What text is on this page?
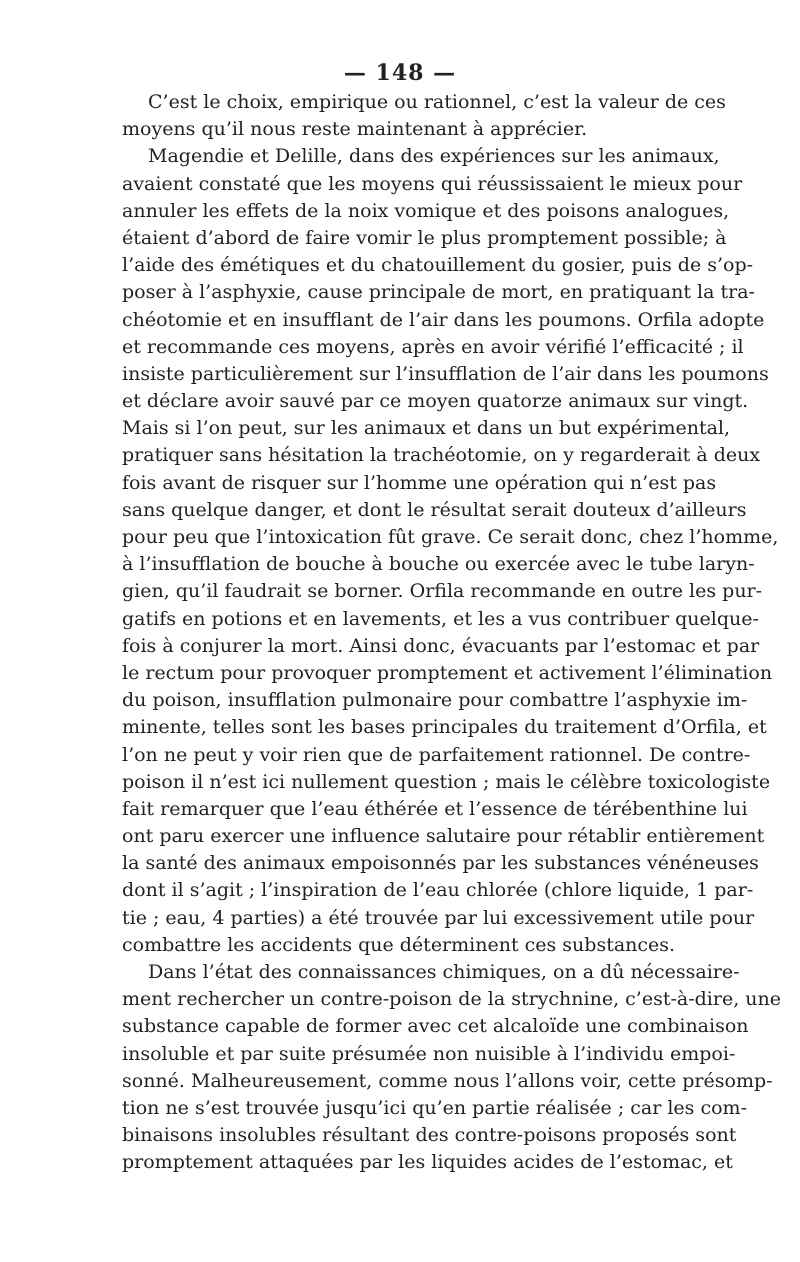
— 148 —
C’est le choix, empirique ou rationnel, c’est la valeur de ces
moyens qu’il nous reste maintenant à apprécier.
Magendie et Delille, dans des expériences sur les animaux,
avaient constaté que les moyens qui réussissaient le mieux pour
annuler les effets de la noix vomique et des poisons analogues,
étaient d’abord de faire vomir le plus promptement possible; à
l’aide des émétiques et du chatouillement du gosier, puis de s’op-
poser à l’asphyxie, cause principale de mort, en pratiquant la tra-
chéotomie et en insufflant de l’air dans les poumons. Orfila adopte
et recommande ces moyens, après en avoir vérifié l’efficacité ; il
insiste particulièrement sur l’insufflation de l’air dans les poumons
et déclare avoir sauvé par ce moyen quatorze animaux sur vingt.
Mais si l’on peut, sur les animaux et dans un but expérimental,
pratiquer sans hésitation la trachéotomie, on y regarderait à deux
fois avant de risquer sur l’homme une opération qui n’est pas
sans quelque danger, et dont le résultat serait douteux d’ailleurs
pour peu que l’intoxication fût grave. Ce serait donc, chez l’homme,
à l’insufflation de bouche à bouche ou exercée avec le tube laryn-
gien, qu’il faudrait se borner. Orfila recommande en outre les pur-
gatifs en potions et en lavements, et les a vus contribuer quelque-
fois à conjurer la mort. Ainsi donc, évacuants par l’estomac et par
le rectum pour provoquer promptement et activement l’élimination
du poison, insufflation pulmonaire pour combattre l’asphyxie im-
minente, telles sont les bases principales du traitement d’Orfila, et
l’on ne peut y voir rien que de parfaitement rationnel. De contre-
poison il n’est ici nullement question ; mais le célèbre toxicologiste
fait remarquer que l’eau éthérée et l’essence de térébenthine lui
ont paru exercer une influence salutaire pour rétablir entièrement
la santé des animaux empoisonnés par les substances vénéneuses
dont il s’agit ; l’inspiration de l’eau chlorée (chlore liquide, 1 par-
tie ; eau, 4 parties) a été trouvée par lui excessivement utile pour
combattre les accidents que déterminent ces substances.
Dans l’état des connaissances chimiques, on a dû nécessaire-
ment rechercher un contre-poison de la strychnine, c’est-à-dire, une
substance capable de former avec cet alcaloïde une combinaison
insoluble et par suite présumée non nuisible à l’individu empoi-
sonné. Malheureusement, comme nous l’allons voir, cette présomp-
tion ne s’est trouvée jusqu’ici qu’en partie réalisée ; car les com-
binaisons insolubles résultant des contre-poisons proposés sont
promptement attaquées par les liquides acides de l’estomac, et
